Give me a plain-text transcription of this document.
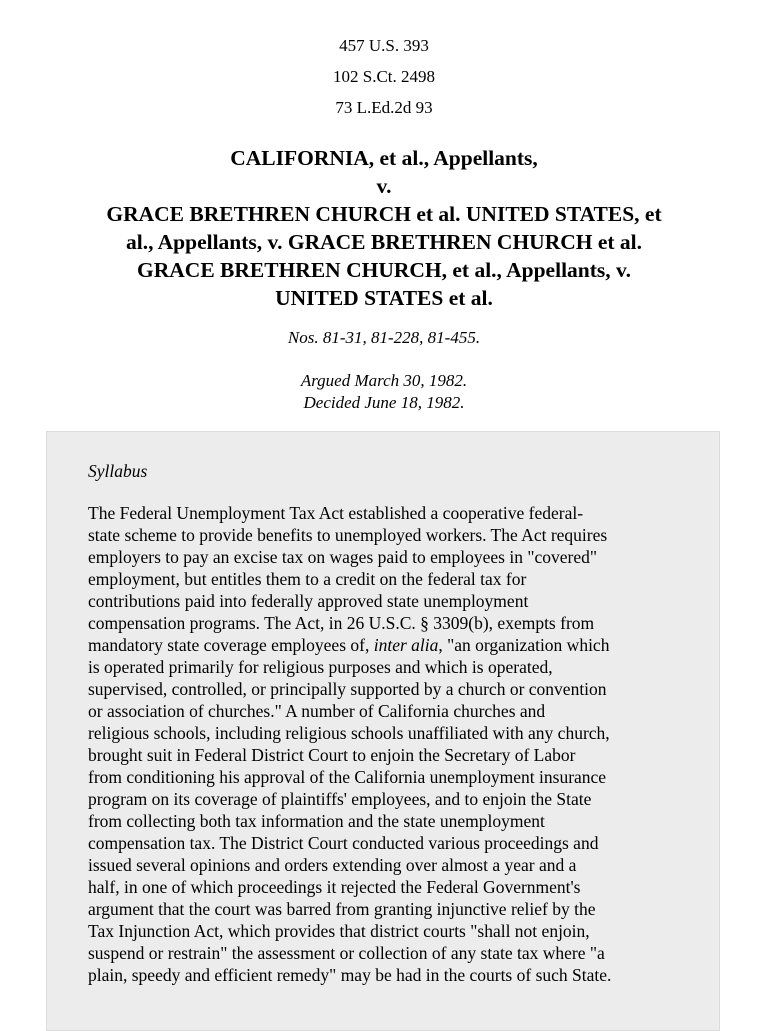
457 U.S. 393
102 S.Ct. 2498
73 L.Ed.2d 93
CALIFORNIA, et al., Appellants,
v.
GRACE BRETHREN CHURCH et al. UNITED STATES, et
al., Appellants, v. GRACE BRETHREN CHURCH et al.
GRACE BRETHREN CHURCH, et al., Appellants, v.
UNITED STATES et al.
Nos. 81-31, 81-228, 81-455.
Argued March 30, 1982.
Decided June 18, 1982.
Syllabus
The Federal Unemployment Tax Act established a cooperative federal-
state scheme to provide benefits to unemployed workers. The Act requires
employers to pay an excise tax on wages paid to employees in "covered"
employment, but entitles them to a credit on the federal tax for
contributions paid into federally approved state unemployment
compensation programs. The Act, in 26 U.S.C. § 3309(b), exempts from
mandatory state coverage employees of, inter alia, "an organization which
is operated primarily for religious purposes and which is operated,
supervised, controlled, or principally supported by a church or convention
or association of churches." A number of California churches and
religious schools, including religious schools unaffiliated with any church,
brought suit in Federal District Court to enjoin the Secretary of Labor
from conditioning his approval of the California unemployment insurance
program on its coverage of plaintiffs' employees, and to enjoin the State
from collecting both tax information and the state unemployment
compensation tax. The District Court conducted various proceedings and
issued several opinions and orders extending over almost a year and a
half, in one of which proceedings it rejected the Federal Government's
argument that the court was barred from granting injunctive relief by the
Tax Injunction Act, which provides that district courts "shall not enjoin,
suspend or restrain" the assessment or collection of any state tax where "a
plain, speedy and efficient remedy" may be had in the courts of such State.
